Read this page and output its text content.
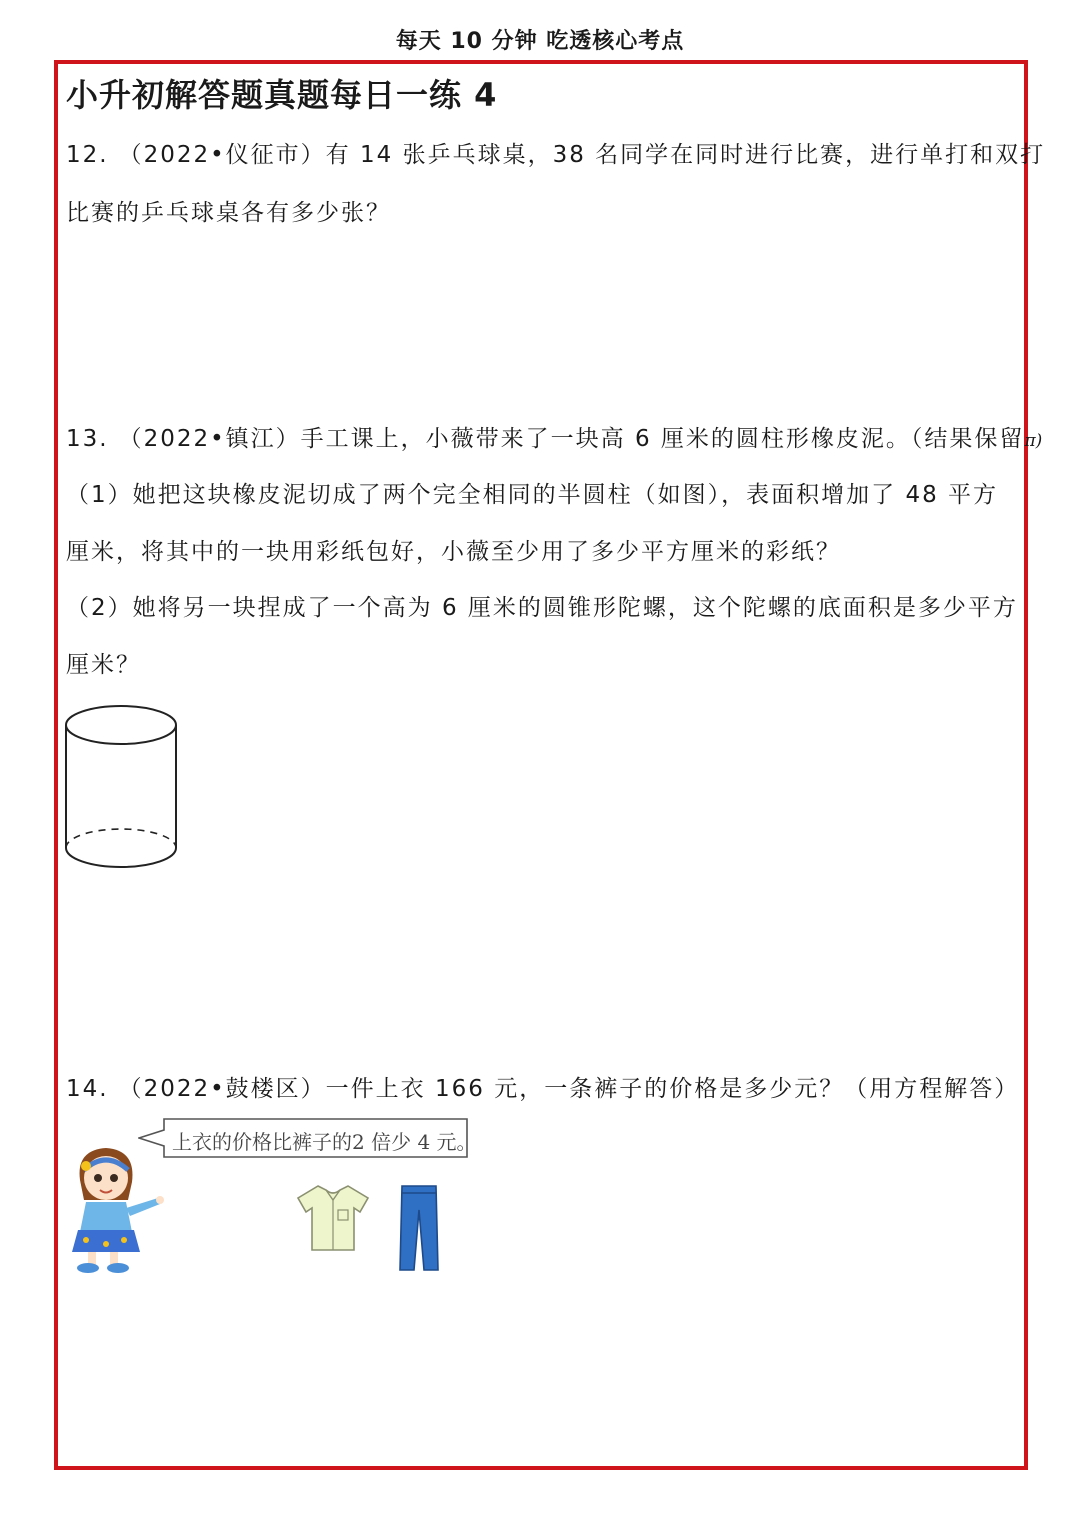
每天 10 分钟 吃透核心考点
小升初解答题真题每日一练 4
12. （2022•仪征市）有 14 张乒乓球桌，38 名同学在同时进行比赛，进行单打和双打
比赛的乒乓球桌各有多少张？
13. （2022•镇江）手工课上，小薇带来了一块高 6 厘米的圆柱形橡皮泥。（结果保留π)
（1）她把这块橡皮泥切成了两个完全相同的半圆柱（如图），表面积增加了 48 平方
厘米，将其中的一块用彩纸包好，小薇至少用了多少平方厘米的彩纸？
（2）她将另一块捏成了一个高为 6 厘米的圆锥形陀螺，这个陀螺的底面积是多少平方
厘米？
14. （2022•鼓楼区）一件上衣 166 元，一条裤子的价格是多少元？（用方程解答）
上衣的价格比裤子的2 倍少 4 元。
